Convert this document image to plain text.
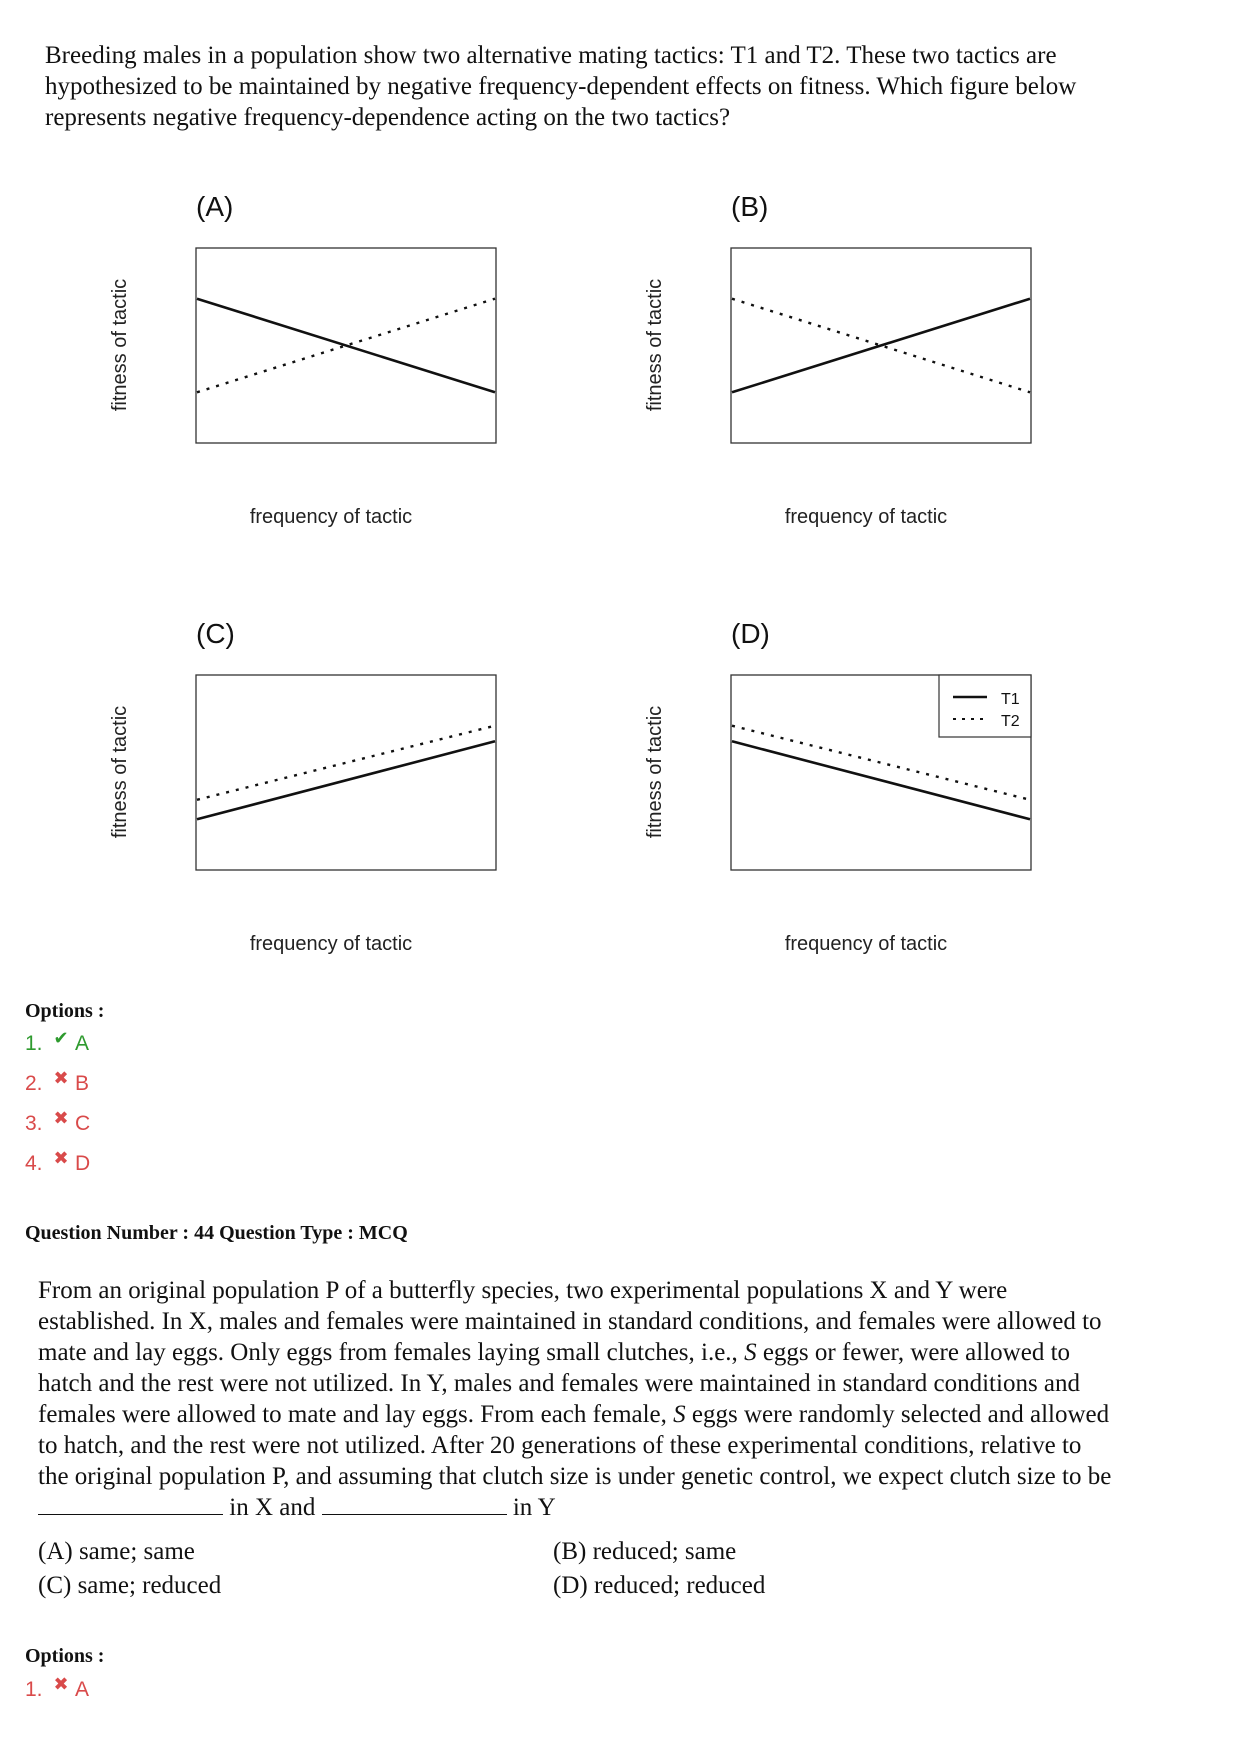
Breeding males in a population show two alternative mating tactics: T1 and T2. These two tactics are hypothesized to be maintained by negative frequency-dependent effects on fitness. Which figure below represents negative frequency-dependence acting on the two tactics?
(A)
frequency of tactic
fitness of tactic
(B)
frequency of tactic
fitness of tactic
(C)
frequency of tactic
fitness of tactic
(D)
frequency of tactic
fitness of tactic
T1
T2
Options :
1. ✔ A
2. ✖ B
3. ✖ C
4. ✖ D
Question Number : 44 Question Type : MCQ
From an original population P of a butterfly species, two experimental populations X and Y were established. In X, males and females were maintained in standard conditions, and females were allowed to mate and lay eggs. Only eggs from females laying small clutches, i.e., S eggs or fewer, were allowed to hatch and the rest were not utilized. In Y, males and females were maintained in standard conditions and females were allowed to mate and lay eggs. From each female, S eggs were randomly selected and allowed to hatch, and the rest were not utilized. After 20 generations of these experimental conditions, relative to the original population P, and assuming that clutch size is under genetic control, we expect clutch size to be  in X and	in Y
(A) same; same	(B) reduced; same
(C) same; reduced	(D) reduced; reduced
Options :
1. ✖ A
